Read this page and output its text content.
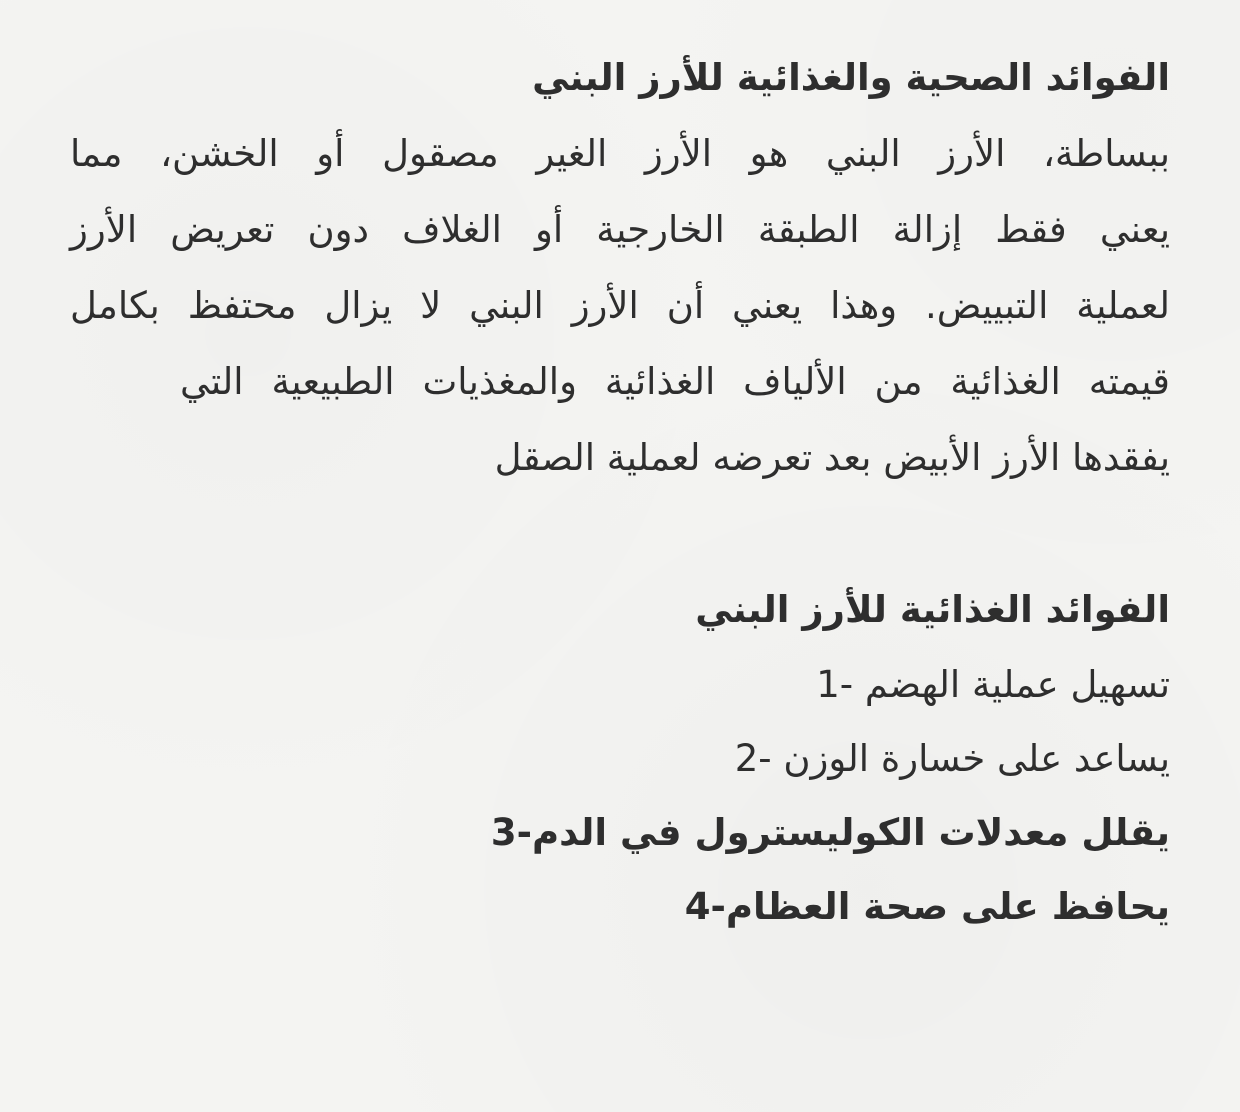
الفوائد الصحية والغذائية للأرز البني
ببساطة، الأرز البني هو الأرز الغير مصقول أو الخشن، مما
يعني فقط إزالة الطبقة الخارجية أو الغلاف دون تعريض الأرز
لعملية التبييض. وهذا يعني أن الأرز البني لا يزال محتفظ بكامل
قيمته الغذائية من الألياف الغذائية والمغذيات الطبيعية التي
يفقدها الأرز الأبيض بعد تعرضه لعملية الصقل
الفوائد الغذائية للأرز البني

تسهيل عملية الهضم -1

يساعد على خسارة الوزن -2

يقلل معدلات الكوليسترول في الدم-3

يحافظ على صحة العظام-4
